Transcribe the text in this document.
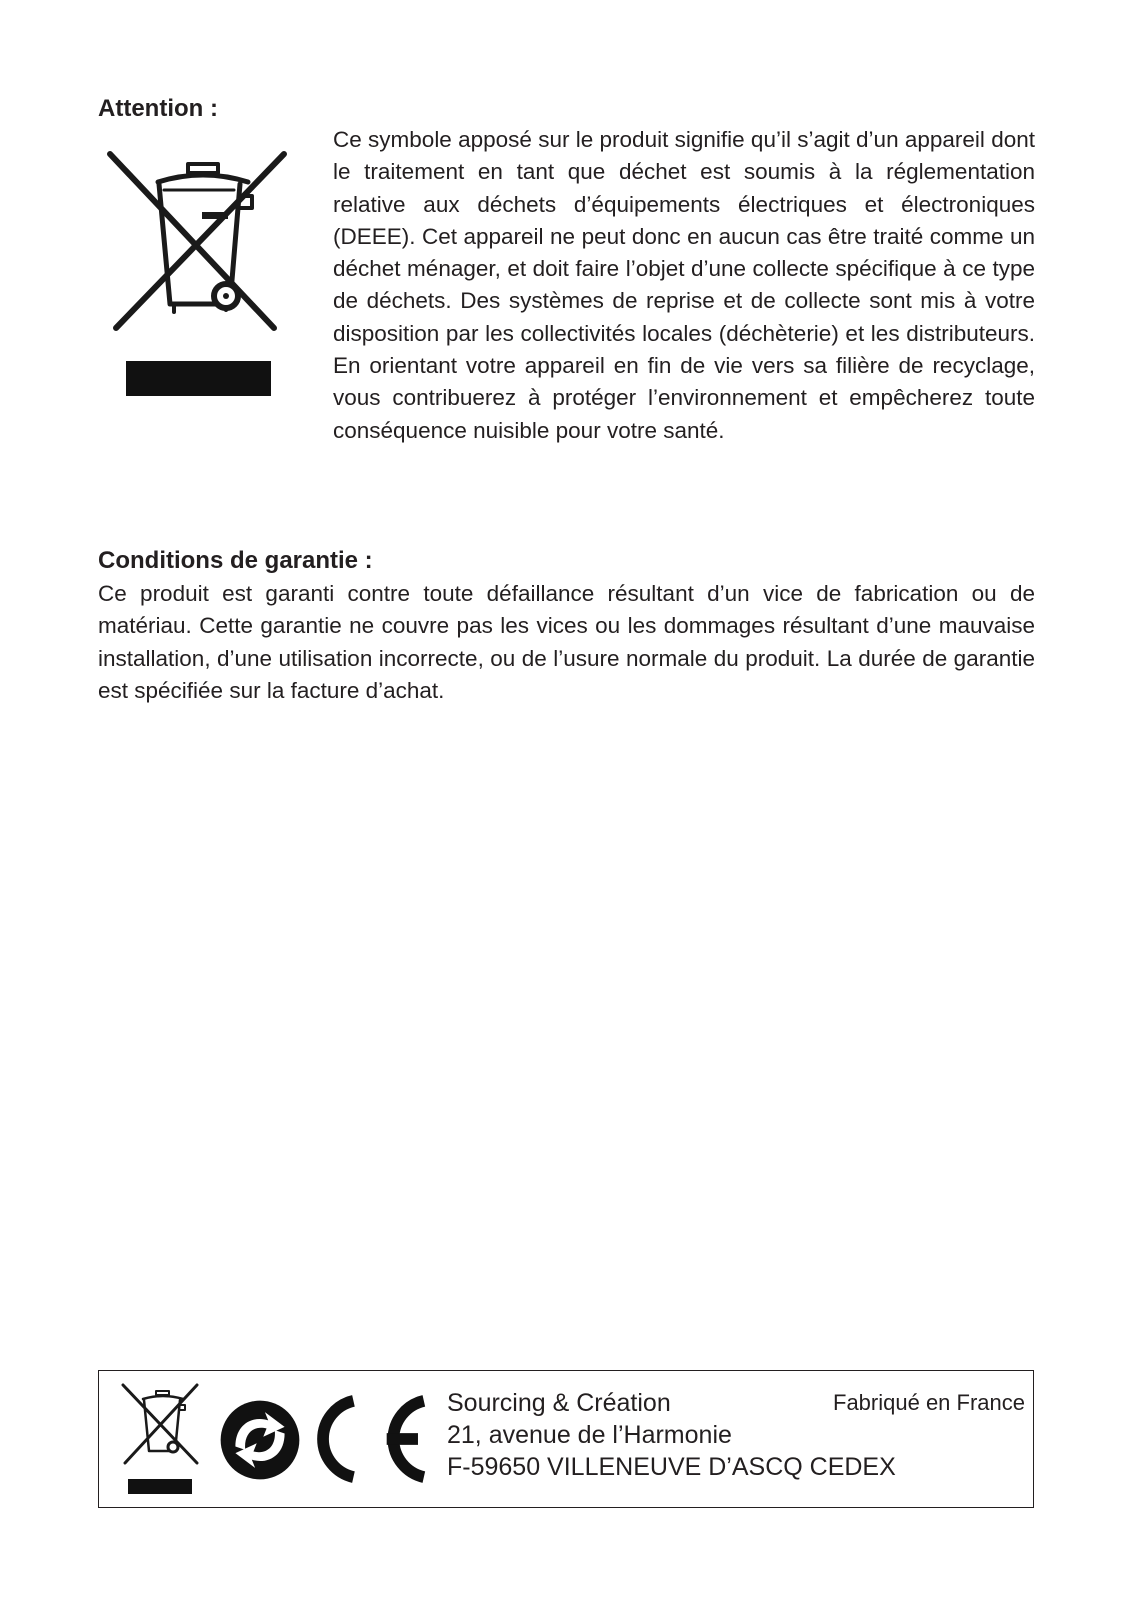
Attention :

Ce symbole apposé sur le produit signifie qu’il s’agit d’un appareil dont le traitement en tant que déchet est soumis à la réglementation relative aux déchets d’équipements électriques et électroniques (DEEE). Cet appareil ne peut donc en aucun cas être traité comme un déchet ménager, et doit faire l’objet d’une collecte spécifique à ce type de déchets. Des systèmes de reprise et de collecte sont mis à votre disposition par les collectivités locales (déchèterie) et les distributeurs. En orientant votre appareil en fin de vie vers sa filière de recyclage, vous contribuerez à protéger l’environnement et empêcherez toute conséquence nuisible pour votre santé.

Conditions de garantie :

Ce produit est garanti contre toute défaillance résultant d’un vice de fabrication ou de matériau. Cette garantie ne couvre pas les vices ou les dommages résultant d’une mauvaise installation, d’une utilisation incorrecte, ou de l’usure normale du produit. La durée de garantie est spécifiée sur la facture d’achat.

Sourcing & Création
21, avenue de l’Harmonie
F-59650 VILLENEUVE D’ASCQ CEDEX
Fabriqué en France
